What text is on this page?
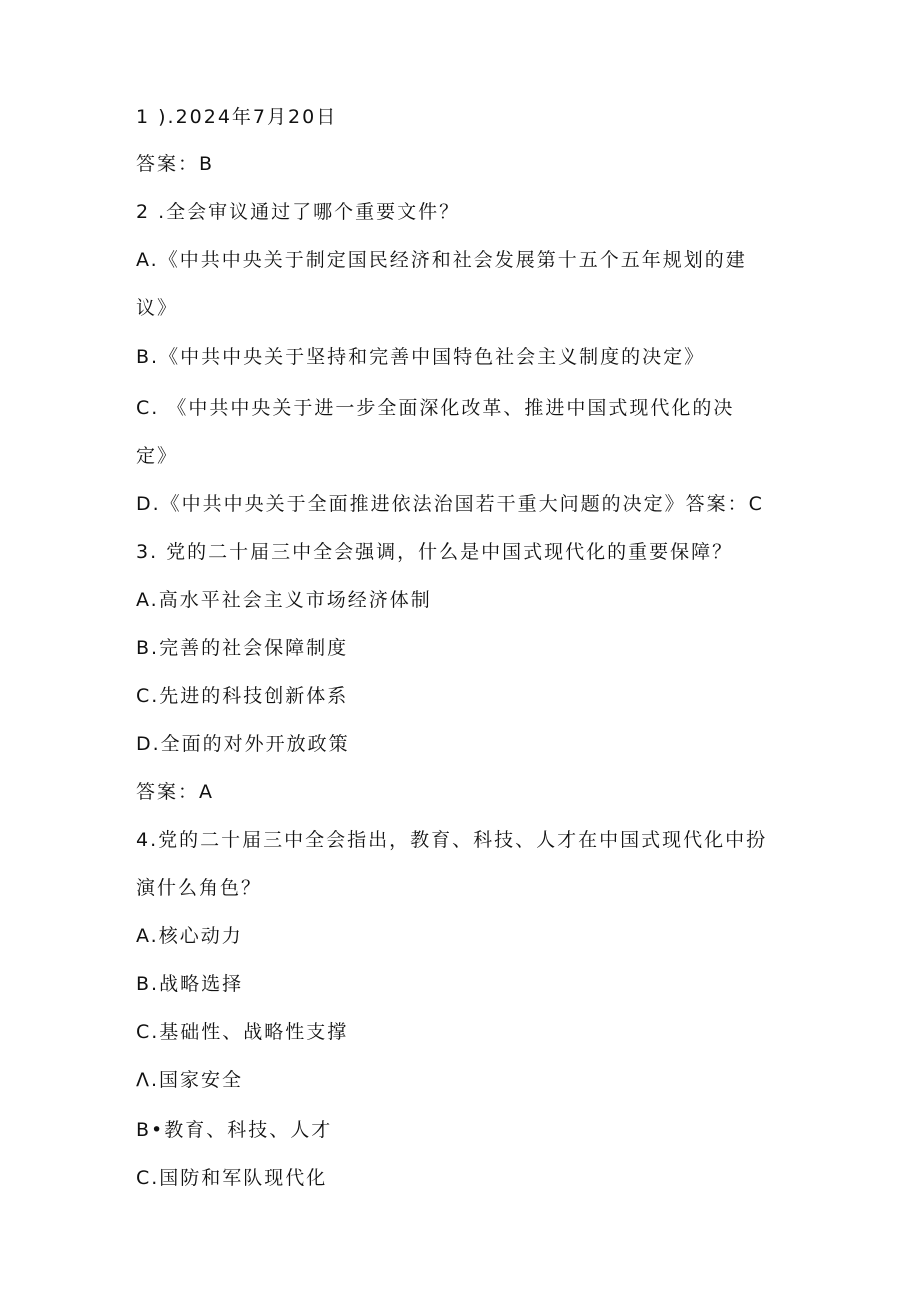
1 ).2024年7月20日
答案：B
2 .全会审议通过了哪个重要文件？
A.《中共中央关于制定国民经济和社会发展第十五个五年规划的建
议》
B.《中共中央关于坚持和完善中国特色社会主义制度的决定》
C. 《中共中央关于进一步全面深化改革、推进中国式现代化的决
定》
D.《中共中央关于全面推进依法治国若干重大问题的决定》答案：C
3. 党的二十届三中全会强调，什么是中国式现代化的重要保障？
A.高水平社会主义市场经济体制
B.完善的社会保障制度
C.先进的科技创新体系
D.全面的对外开放政策
答案：A
4.党的二十届三中全会指出，教育、科技、人才在中国式现代化中扮
演什么角色？
A.核心动力
B.战略选择
C.基础性、战略性支撑
Λ.国家安全
B•教育、科技、人才
C.国防和军队现代化
